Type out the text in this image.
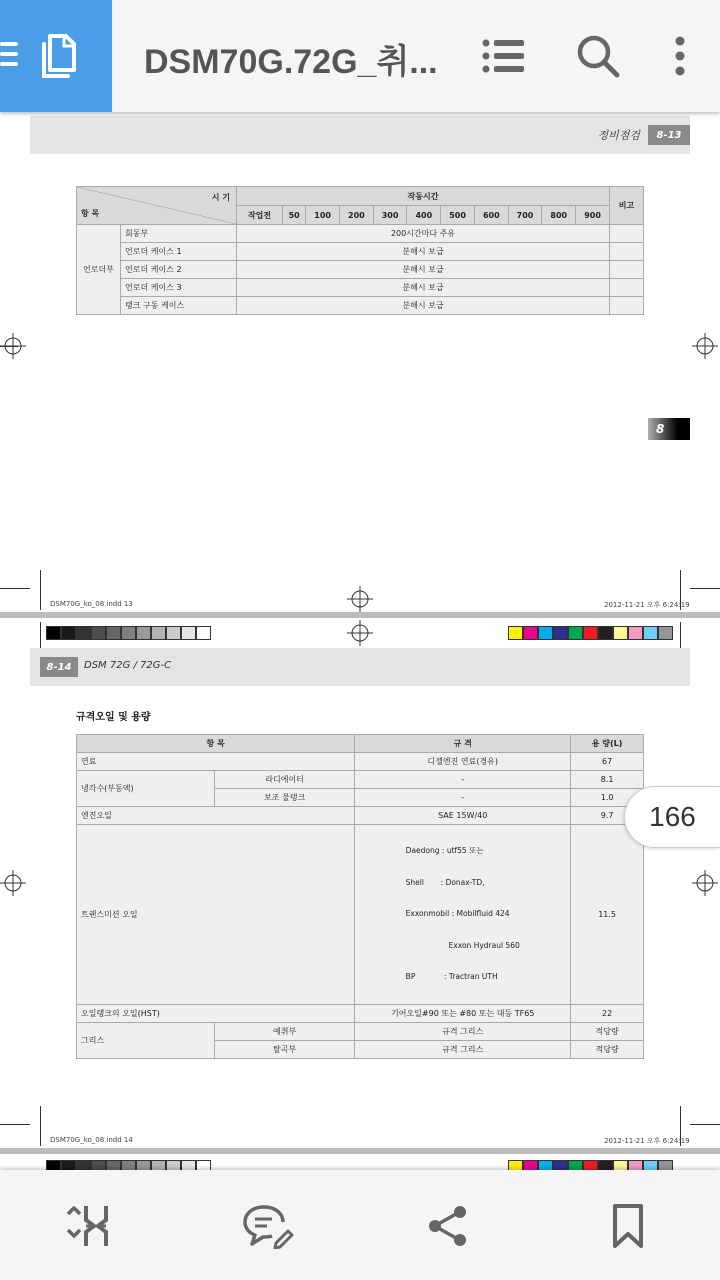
DSM70G.72G_취...
정비점검	8-13
시 기
항 목		작동시간											비고
		작업전	50	100	200	300	400	500	600	700	800	900	
언로더부	회동부	200시간마다 주유											
	언로더 케이스 1	분해시 보급											
	언로더 케이스 2	분해시 보급											
	언로더 케이스 3	분해시 보급											
	탱크 구동 케이스	분해시 보급											
8
DSM70G_ko_08.indd 13	2012-11-21 오후 6:24:19
8-14	DSM 72G / 72G-C
규격오일 및 용량
항 목		규 격	용 량(L)
연료		디젤엔진 연료(경유)	67
냉각수(부동액)	라디에이터	-	8.1
	보조 물탱크	-	1.0
엔진오일		SAE 15W/40	9.7
트랜스미션 오일		Daedong : utf55 또는

Shell       : Donax-TD,

Exxonmobil : Mobilfluid 424

Exxon Hydraul 560

BP            : Tractran UTH	11.5
오일탱크의 오일(HST)		기어오일#90 또는 #80 또는 대등 TF65	22
그리스	예취부	규격 그리스	적당량
	탈곡부	규격 그리스	적당량
DSM70G_ko_08.indd 14	2012-11-21 오후 6:24:19
166
